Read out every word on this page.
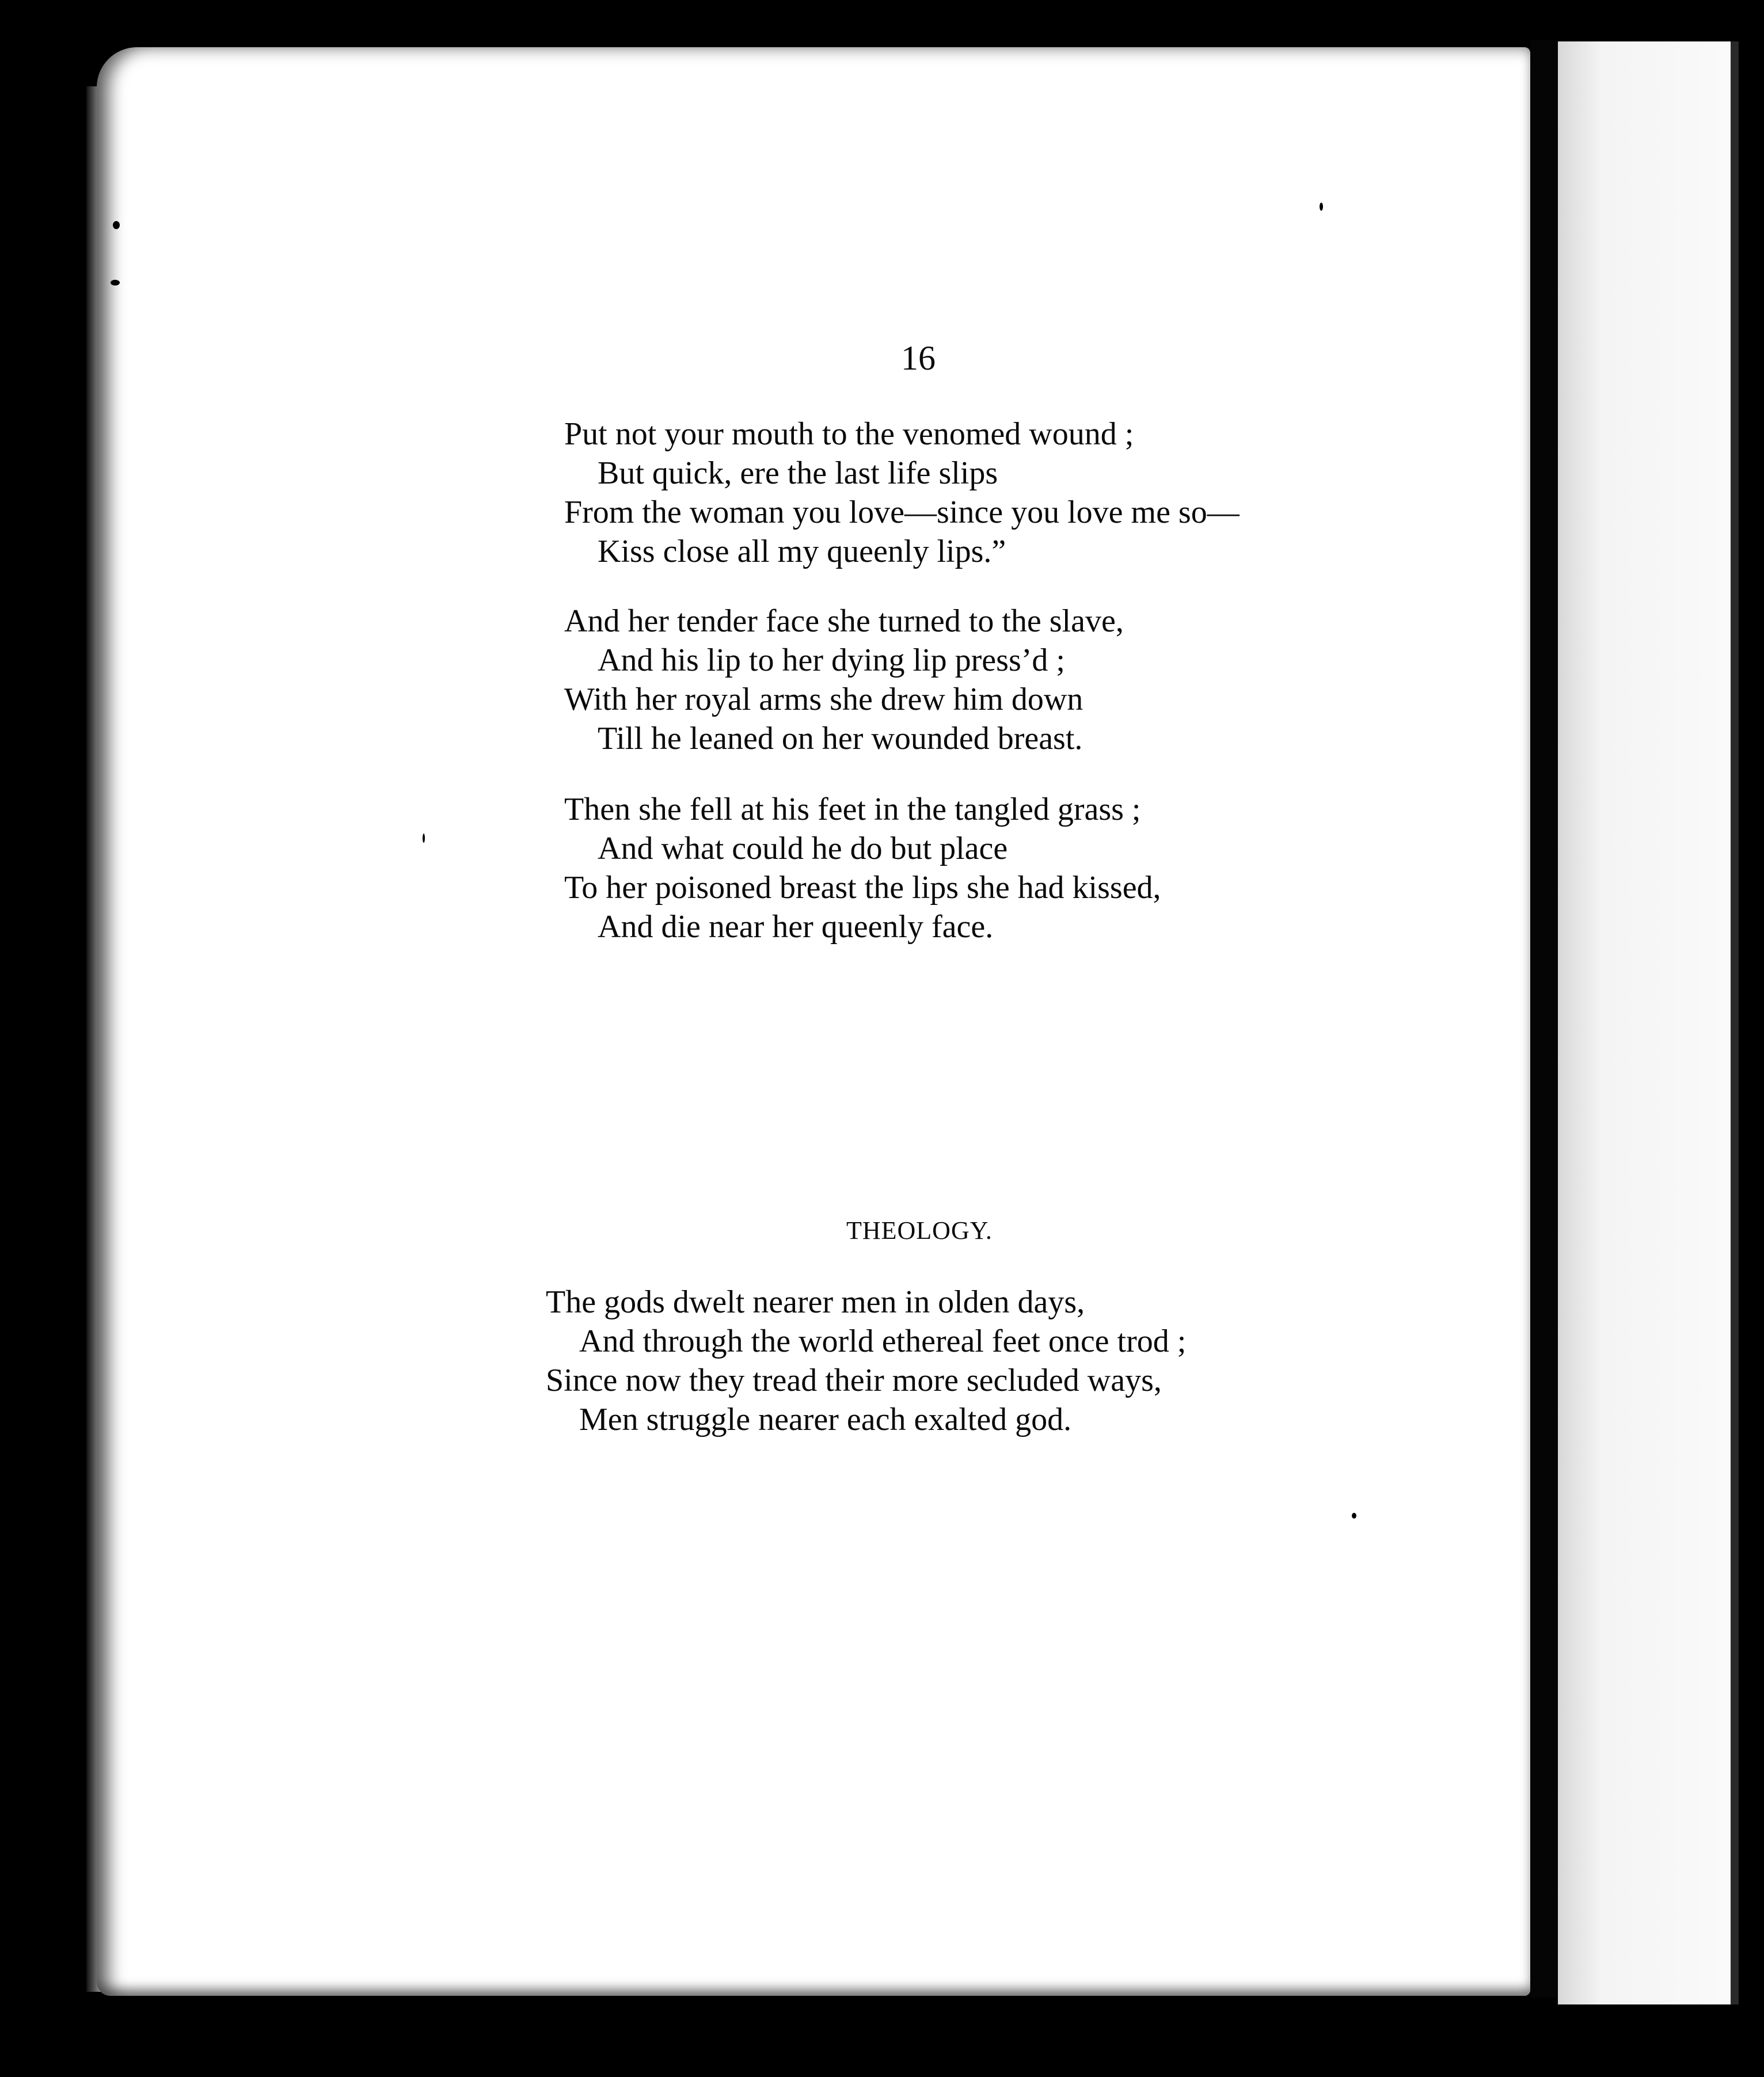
16
Put not your mouth to the venomed wound ;
But quick, ere the last life slips
From the woman you love—since you love me so—
Kiss close all my queenly lips.”
And her tender face she turned to the slave,
And his lip to her dying lip press’d ;
With her royal arms she drew him down
Till he leaned on her wounded breast.
Then she fell at his feet in the tangled grass ;
And what could he do but place
To her poisoned breast the lips she had kissed,
And die near her queenly face.
THEOLOGY.
The gods dwelt nearer men in olden days,
And through the world ethereal feet once trod ;
Since now they tread their more secluded ways,
Men struggle nearer each exalted god.
